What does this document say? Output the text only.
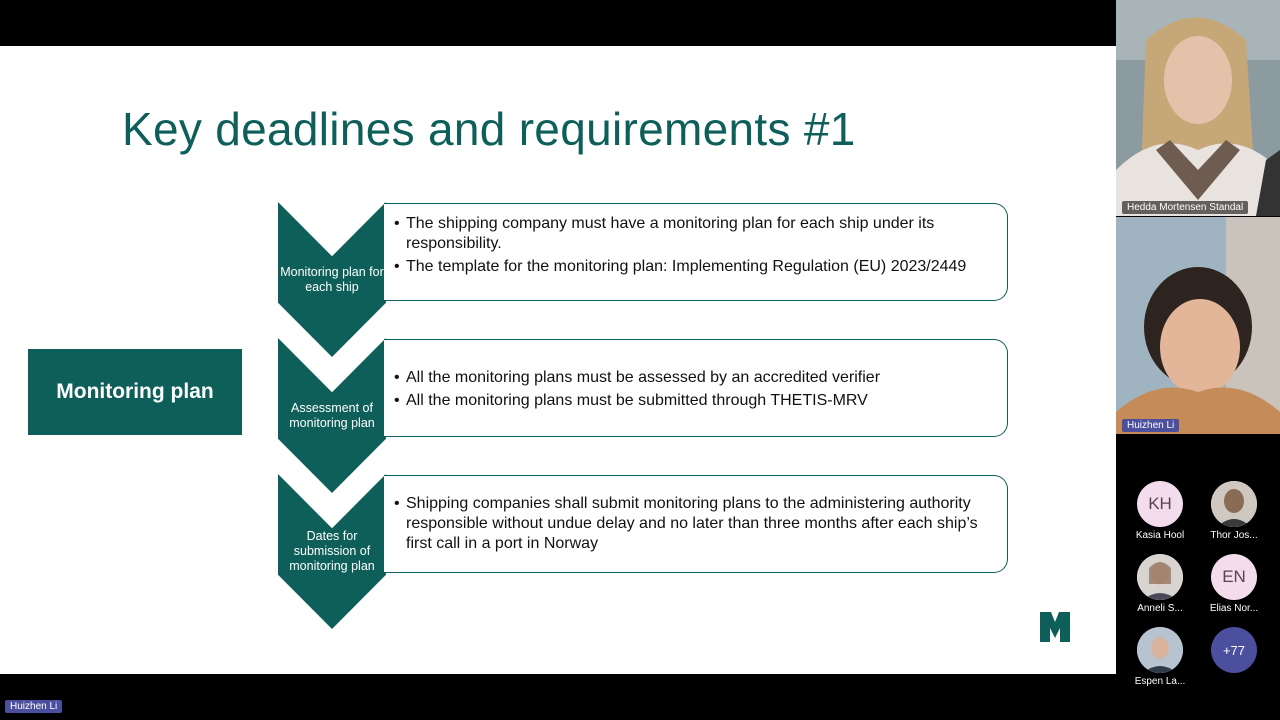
Key deadlines and requirements #1
Monitoring plan
Monitoring plan for each ship
• The shipping company must have a monitoring plan for each ship under its responsibility.
• The template for the monitoring plan: Implementing Regulation (EU) 2023/2449
Assessment of monitoring plan
• All the monitoring plans must be assessed by an accredited verifier
• All the monitoring plans must be submitted through THETIS-MRV
Dates for submission of monitoring plan
• Shipping companies shall submit monitoring plans to the administering authority responsible without undue delay and no later than three months after each ship’s first call in a port in Norway
Hedda Mortensen Standal
Huizhen Li
KH
Kasia Hool	Thor Jos...
Anneli S...
EN
Elias Nor...
Espen La...
+77
Huizhen Li
